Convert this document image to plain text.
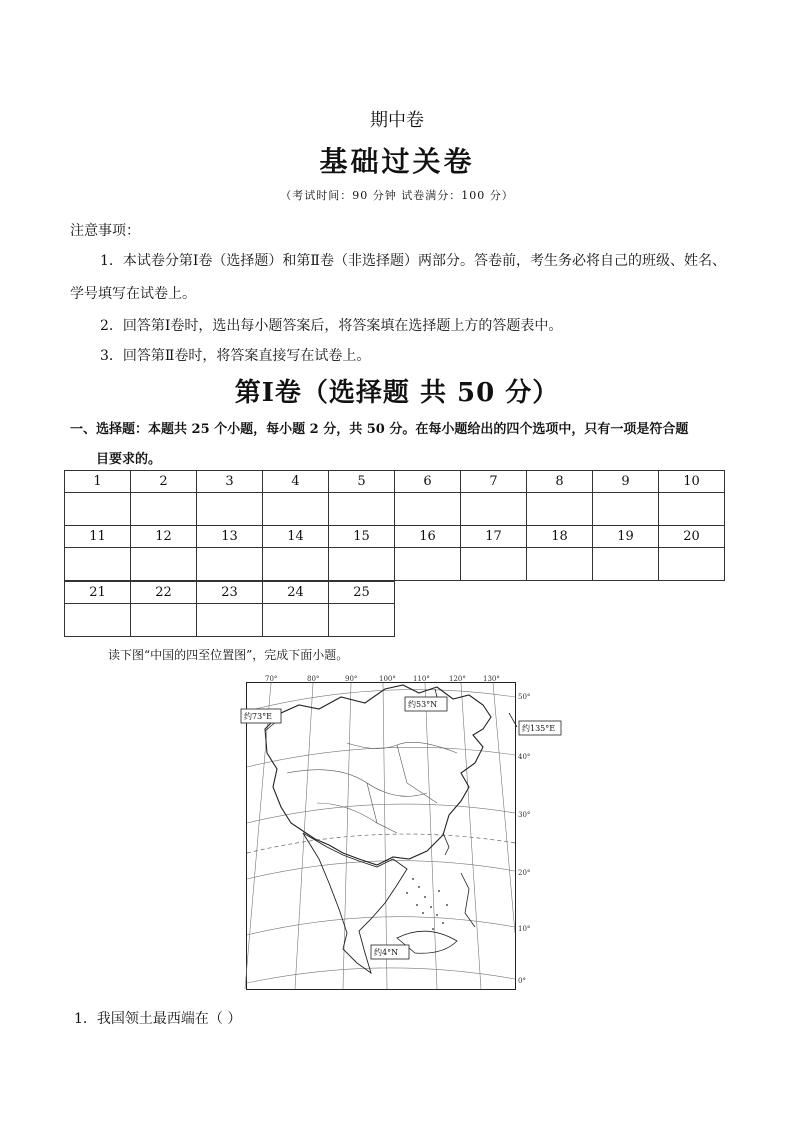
期中卷
基础过关卷
（考试时间：90 分钟 试卷满分：100 分）
注意事项：
1．本试卷分第Ⅰ卷（选择题）和第Ⅱ卷（非选择题）两部分。答卷前，考生务必将自己的班级、姓名、
学号填写在试卷上。
2．回答第Ⅰ卷时，选出每小题答案后，将答案填在选择题上方的答题表中。
3．回答第Ⅱ卷时，将答案直接写在试卷上。
第Ⅰ卷（选择题 共 50 分）
一、选择题：本题共 25 个小题，每小题 2 分，共 50 分。在每小题给出的四个选项中，只有一项是符合题
目要求的。
1	2	3	4	5	6	7	8	9	10

11	12	13	14	15	16	17	18	19	20

21	22	23	24	25

读下图“中国的四至位置图”，完成下面小题。
70°	80°	90°	100° 110°	120° 130°
50°
40°
30°
20°
10°
0°
约73°E
约53°N
约135°E
约4°N
1．我国领土最西端在（ ）
